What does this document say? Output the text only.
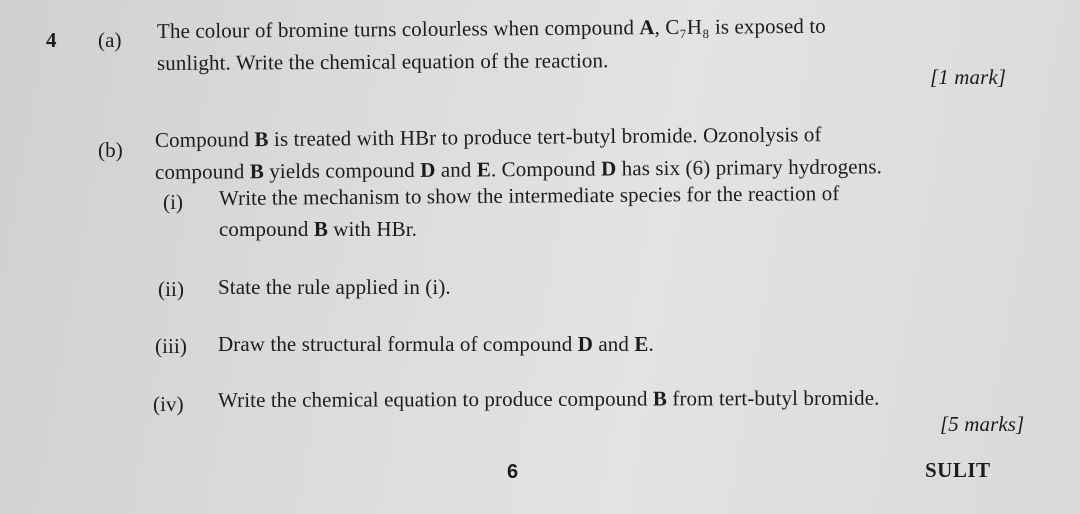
4 (a) The colour of bromine turns colourless when compound A, C₇H₈ is exposed to
sunlight. Write the chemical equation of the reaction.
[1 mark]
(b) Compound B is treated with HBr to produce tert-butyl bromide. Ozonolysis of
compound B yields compound D and E. Compound D has six (6) primary hydrogens.
(i) Write the mechanism to show the intermediate species for the reaction of
compound B with HBr.
(ii) State the rule applied in (i).
(iii) Draw the structural formula of compound D and E.
(iv) Write the chemical equation to produce compound B from tert-butyl bromide.
[5 marks]
6	SULIT
